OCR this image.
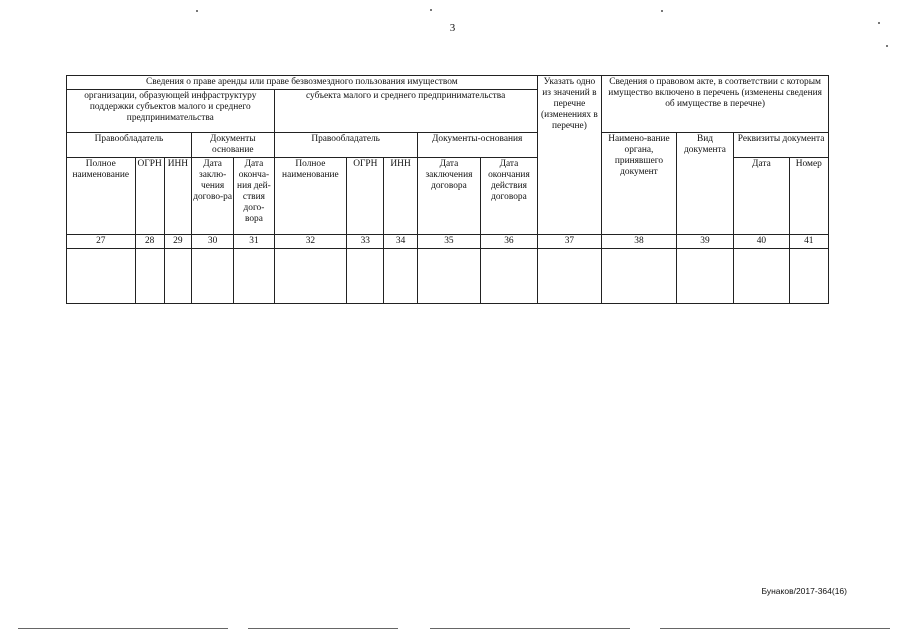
3
Сведения о праве аренды или праве безвозмездного пользования имуществом										Указать одно из значений в перечне (изменениях в перечне)	Сведения о правовом акте, в соответствии с которым имущество включено в перечень (изменены сведения об имуществе в перечне)			
организации, образующей инфраструктуру поддержки субъектов малого и среднего предпринимательства					субъекта малого и среднего предпринимательства									
Правообладатель			Документы основание		Правообладатель			Документы-основания			Наимено-вание органа, принявшего документ	Вид документа	Реквизиты документа	
Полное наименование	ОГРН	ИНН	Дата заклю-чения догово-ра	Дата оконча-ния дей-ствия дого-вора	Полное наименование	ОГРН	ИНН	Дата заключения договора	Дата окончания действия договора				Дата	Номер
27	28	29	30	31	32	33	34	35	36	37	38	39	40	41

Бунаков/2017-364(16)
